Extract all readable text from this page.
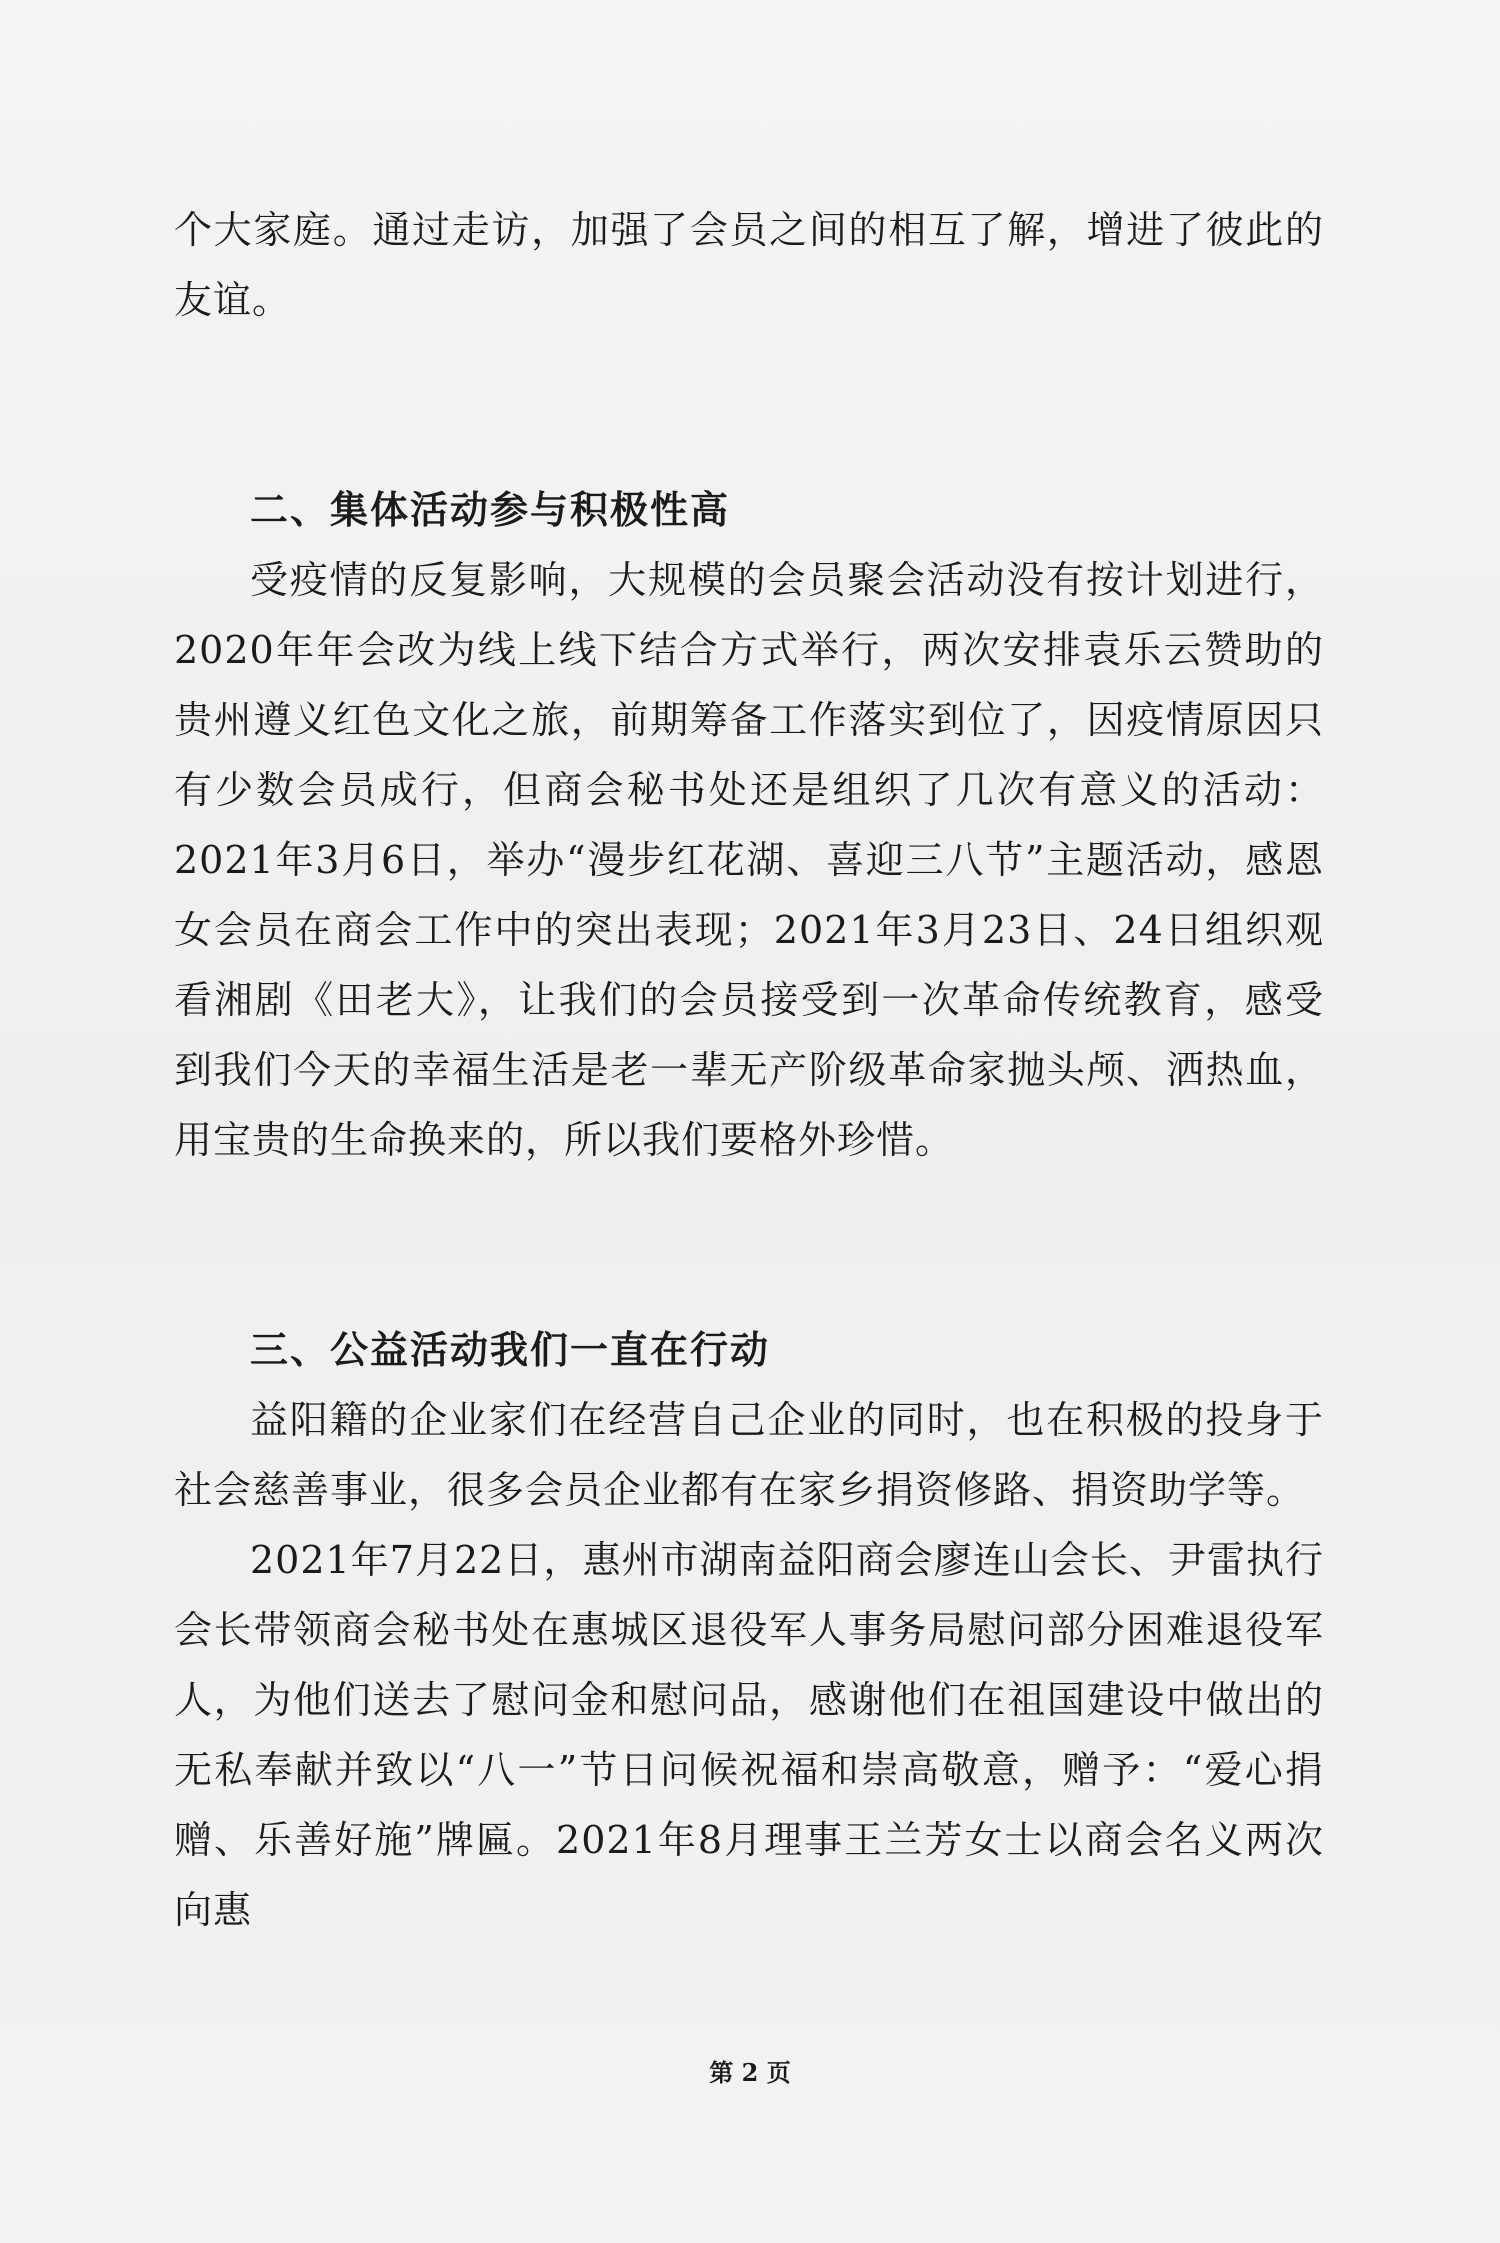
个大家庭。通过走访，加强了会员之间的相互了解，增进了彼此的友谊。

二、集体活动参与积极性高

受疫情的反复影响，大规模的会员聚会活动没有按计划进行，2020年年会改为线上线下结合方式举行，两次安排袁乐云赞助的贵州遵义红色文化之旅，前期筹备工作落实到位了，因疫情原因只有少数会员成行，但商会秘书处还是组织了几次有意义的活动：2021年3月6日，举办“漫步红花湖、喜迎三八节”主题活动，感恩女会员在商会工作中的突出表现；2021年3月23日、24日组织观看湘剧《田老大》，让我们的会员接受到一次革命传统教育，感受到我们今天的幸福生活是老一辈无产阶级革命家抛头颅、洒热血，用宝贵的生命换来的，所以我们要格外珍惜。

三、公益活动我们一直在行动

益阳籍的企业家们在经营自己企业的同时，也在积极的投身于社会慈善事业，很多会员企业都有在家乡捐资修路、捐资助学等。

2021年7月22日，惠州市湖南益阳商会廖连山会长、尹雷执行会长带领商会秘书处在惠城区退役军人事务局慰问部分困难退役军人，为他们送去了慰问金和慰问品，感谢他们在祖国建设中做出的无私奉献并致以“八一”节日问候祝福和崇高敬意，赠予：“爱心捐赠、乐善好施”牌匾。2021年8月理事王兰芳女士以商会名义两次向惠

第 2 页
